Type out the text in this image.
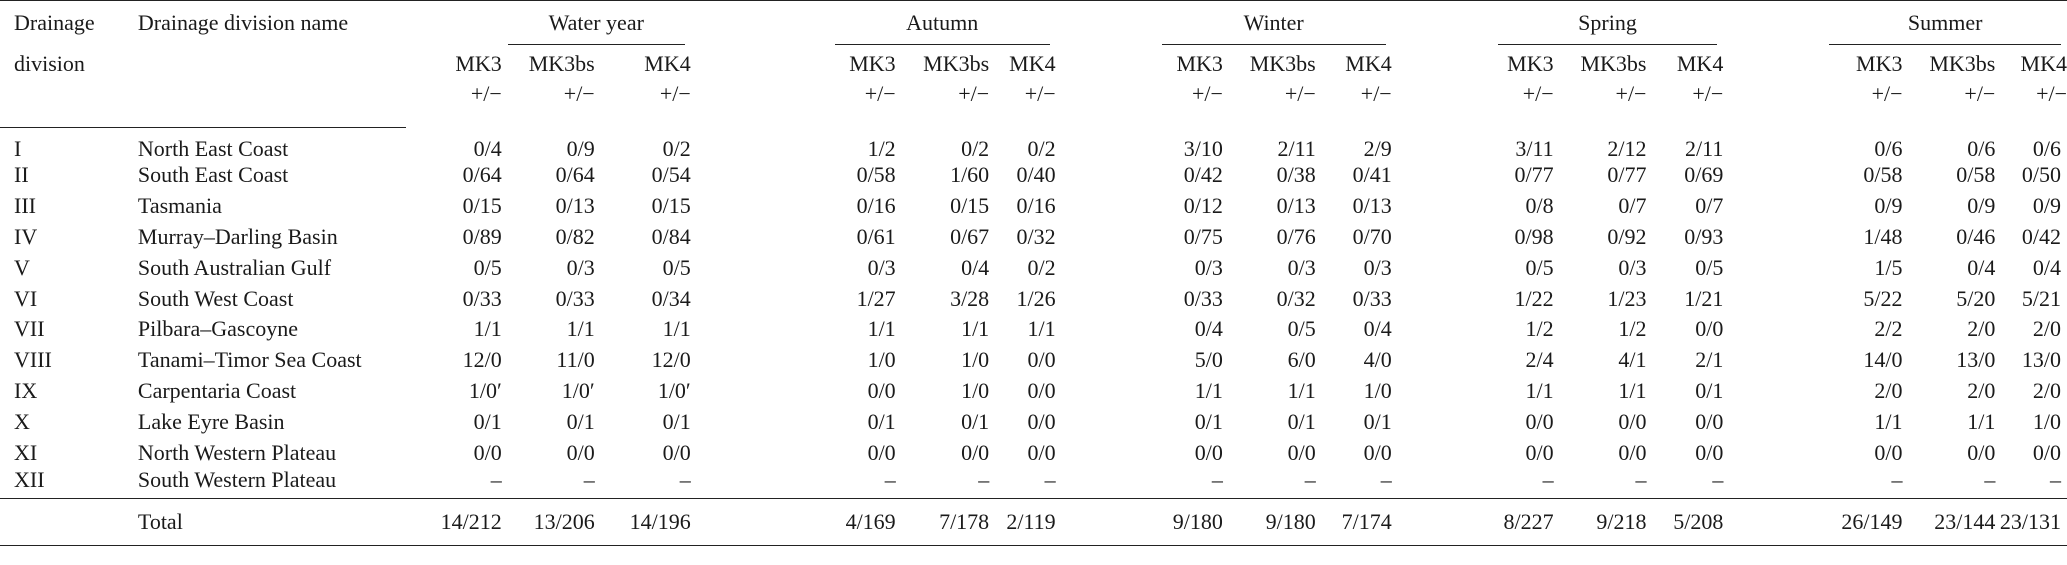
Drainage	Drainage division name	Water year			Autumn			Winter			Spring			Summer		

division		MK3	MK3bs	MK4	MK3	MK3bs	MK4	MK3	MK3bs	MK4	MK3	MK3bs	MK4	MK3	MK3bs	MK4
		+/−	+/−	+/−	+/−	+/−	+/−	+/−	+/−	+/−	+/−	+/−	+/−	+/−	+/−	+/−
I	North East Coast	0/4	0/9	0/2	1/2	0/2	0/2	3/10	2/11	2/9	3/11	2/12	2/11	0/6	0/6	0/6
II	South East Coast	0/64	0/64	0/54	0/58	1/60	0/40	0/42	0/38	0/41	0/77	0/77	0/69	0/58	0/58	0/50
III	Tasmania	0/15	0/13	0/15	0/16	0/15	0/16	0/12	0/13	0/13	0/8	0/7	0/7	0/9	0/9	0/9
IV	Murray–Darling Basin	0/89	0/82	0/84	0/61	0/67	0/32	0/75	0/76	0/70	0/98	0/92	0/93	1/48	0/46	0/42
V	South Australian Gulf	0/5	0/3	0/5	0/3	0/4	0/2	0/3	0/3	0/3	0/5	0/3	0/5	1/5	0/4	0/4
VI	South West Coast	0/33	0/33	0/34	1/27	3/28	1/26	0/33	0/32	0/33	1/22	1/23	1/21	5/22	5/20	5/21
VII	Pilbara–Gascoyne	1/1	1/1	1/1	1/1	1/1	1/1	0/4	0/5	0/4	1/2	1/2	0/0	2/2	2/0	2/0
VIII	Tanami–Timor Sea Coast	12/0	11/0	12/0	1/0	1/0	0/0	5/0	6/0	4/0	2/4	4/1	2/1	14/0	13/0	13/0
IX	Carpentaria Coast	1/0′	1/0′	1/0′	0/0	1/0	0/0	1/1	1/1	1/0	1/1	1/1	0/1	2/0	2/0	2/0
X	Lake Eyre Basin	0/1	0/1	0/1	0/1	0/1	0/0	0/1	0/1	0/1	0/0	0/0	0/0	1/1	1/1	1/0
XI	North Western Plateau	0/0	0/0	0/0	0/0	0/0	0/0	0/0	0/0	0/0	0/0	0/0	0/0	0/0	0/0	0/0
XII	South Western Plateau	–	–	–	–	–	–	–	–	–	–	–	–	–	–	–
	Total	14/212	13/206	14/196	4/169	7/178	2/119	9/180	9/180	7/174	8/227	9/218	5/208	26/149	23/144	23/131
